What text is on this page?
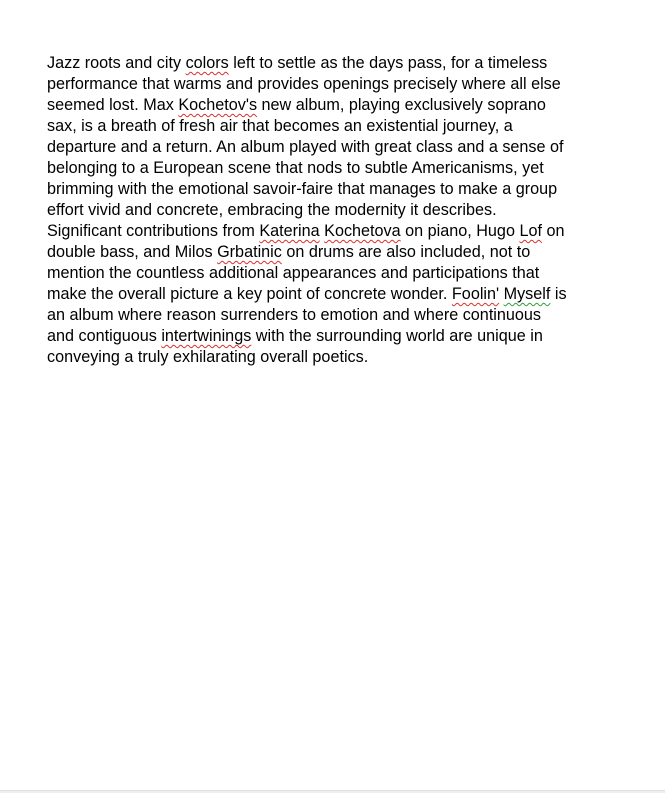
Jazz roots and city colors left to settle as the days pass, for a timeless
performance that warms and provides openings precisely where all else
seemed lost. Max Kochetov's new album, playing exclusively soprano
sax, is a breath of fresh air that becomes an existential journey, a
departure and a return. An album played with great class and a sense of
belonging to a European scene that nods to subtle Americanisms, yet
brimming with the emotional savoir-faire that manages to make a group
effort vivid and concrete, embracing the modernity it describes.
Significant contributions from Katerina Kochetova on piano, Hugo Lof on
double bass, and Milos Grbatinic on drums are also included, not to
mention the countless additional appearances and participations that
make the overall picture a key point of concrete wonder. Foolin' Myself is
an album where reason surrenders to emotion and where continuous
and contiguous intertwinings with the surrounding world are unique in
conveying a truly exhilarating overall poetics.
